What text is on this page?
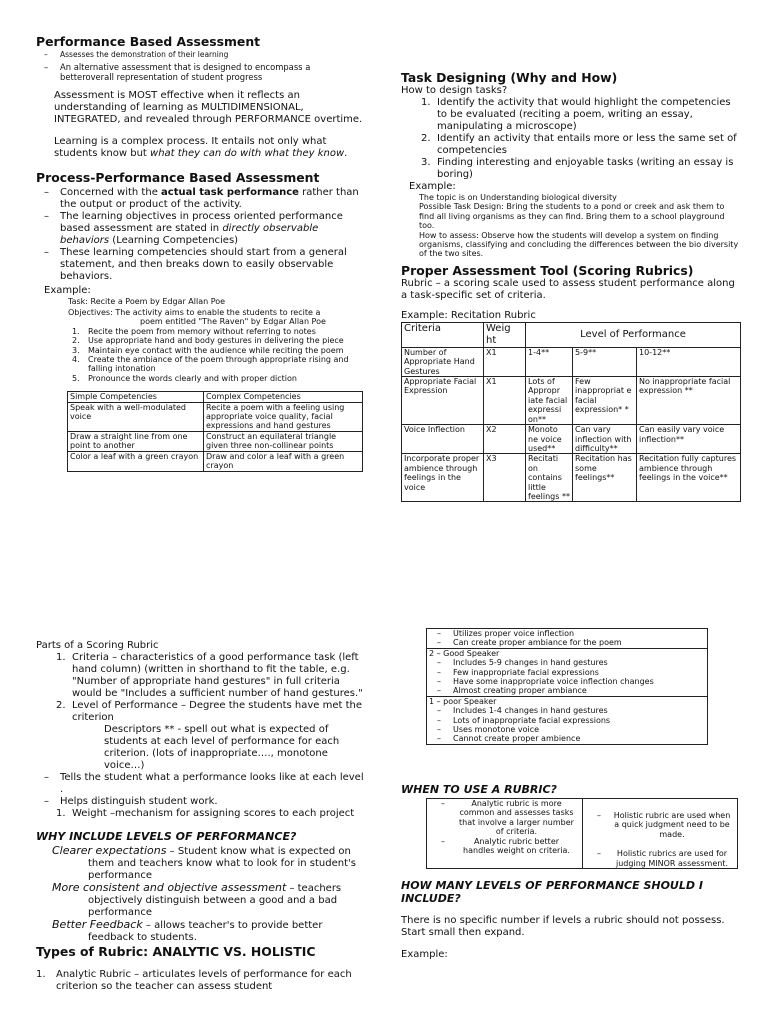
Performance Based Assessment
– Assesses the demonstration of their learning
– An alternative assessment that is designed to encompass a betteroverall representation of student progress

Assessment is MOST effective when it reflects an understanding of learning as MULTIDIMENSIONAL, INTEGRATED, and revealed through PERFORMANCE overtime.

Learning is a complex process. It entails not only what students know but what they can do with what they know.

Process-Performance Based Assessment
– Concerned with the actual task performance rather than the output or product of the activity.
– The learning objectives in process oriented performance based assessment are stated in directly observable behaviors (Learning Competencies)
– These learning competencies should start from a general statement, and then breaks down to easily observable behaviors.

Example:

Task: Recite a Poem by Edgar Allan Poe

Objectives: The activity aims to enable the students to recite a

poem entitled "The Raven" by Edgar Allan Poe

1. Recite the poem from memory without referring to notes
2. Use appropriate hand and body gestures in delivering the piece
3. Maintain eye contact with the audience while reciting the poem
4. Create the ambiance of the poem through appropriate rising and falling intonation
5. Pronounce the words clearly and with proper diction
Simple Competencies	Complex Competencies
Speak with a well-modulated voice	Recite a poem with a feeling using appropriate voice quality, facial expressions and hand gestures
Draw a straight line from one point to another	Construct an equilateral triangle given three non-collinear points
Color a leaf with a green crayon	Draw and color a leaf with a green crayon
Task Designing (Why and How)

How to design tasks?

1. Identify the activity that would highlight the competencies to be evaluated (reciting a poem, writing an essay, manipulating a microscope)
2. Identify an activity that entails more or less the same set of competencies
3. Finding interesting and enjoyable tasks (writing an essay is boring)

Example:

The topic is on Understanding biological diversity

Possible Task Design: Bring the students to a pond or creek and ask them to find all living organisms as they can find. Bring them to a school playground too.

How to assess: Observe how the students will develop a system on finding organisms, classifying and concluding the differences between the bio diversity of the two sites.

Proper Assessment Tool (Scoring Rubrics)

Rubric – a scoring scale used to assess student performance along a task-specific set of criteria.

Example: Recitation Rubric

Criteria	Weig ht	Level of Performance		
Number of Appropriate Hand Gestures	X1	1-4**	5-9**	10-12**
Appropriate Facial Expression	X1	Lots of Appropr iate facial expressi on**	Few inappropriat e facial expression* *	No inappropriate facial expression **
Voice Inflection	X2	Monoto ne voice used**	Can vary inflection with difficulty**	Can easily vary voice inflection**
Incorporate proper ambience through feelings in the voice	X3	Recitati on contains little feelings **	Recitation has some feelings**	Recitation fully captures ambience through feelings in the voice**

Parts of a Scoring Rubric

1. Criteria – characteristics of a good performance task (left hand column) (written in shorthand to fit the table, e.g. "Number of appropriate hand gestures" in full criteria would be "Includes a sufficient number of hand gestures."
2. Level of Performance – Degree the students have met the criterion

Descriptors ** - spell out what is expected of students at each level of performance for each criterion. (lots of inappropriate…., monotone voice…)

– Tells the student what a performance looks like at each level .
– Helps distinguish student work.
1. Weight –mechanism for assigning scores to each project
WHY INCLUDE LEVELS OF PERFORMANCE?

Clearer expectations – Student know what is expected on them and teachers know what to look for in student's performance

More consistent and objective assessment – teachers objectively distinguish between a good and a bad performance

Better Feedback – allows teacher's to provide better feedback to students.

Types of Rubric: ANALYTIC VS. HOLISTIC
1. Analytic Rubric – articulates levels of performance for each criterion so the teacher can assess student
– Utilizes proper voice inflection
– Can create proper ambiance for the poem

2 – Good Speaker

– Includes 5-9 changes in hand gestures
– Few inappropriate facial expressions
– Have some inappropriate voice inflection changes
– Almost creating proper ambiance

1 – poor Speaker

– Includes 1-4 changes in hand gestures
– Lots of inappropriate facial expressions
– Uses monotone voice
– Cannot create proper ambience
WHEN TO USE A RUBRIC?
– Analytic rubric is more common and assesses tasks that involve a larger number of criteria.
– Analytic rubric better handles weight on criteria.

– Holistic rubric are used when a quick judgment need to be made.
– Holistic rubrics are used for judging MINOR assessment.
HOW MANY LEVELS OF PERFORMANCE SHOULD I INCLUDE?

There is no specific number if levels a rubric should not possess. Start small then expand.

Example:
